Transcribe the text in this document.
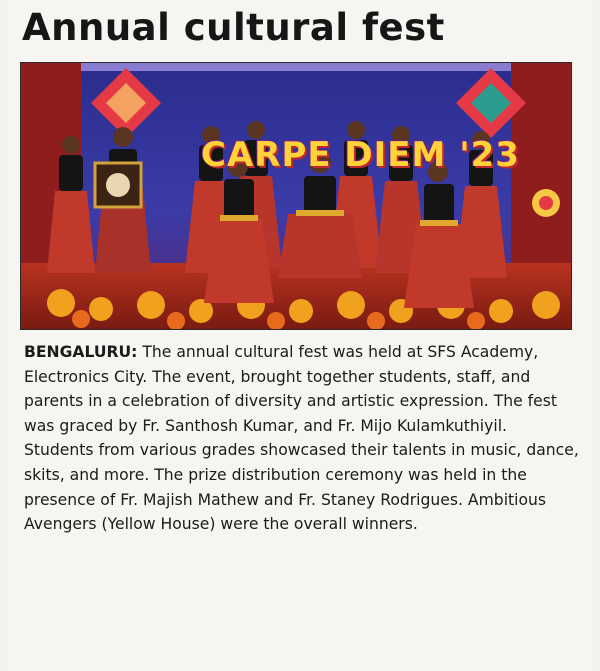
Annual cultural fest
CARPE DIEM '23

BENGALURU: The annual cultural fest was held at SFS Academy, Electronics City. The event, brought together students, staff, and parents in a celebration of diversity and artistic expression. The fest was graced by Fr. Santhosh Kumar, and Fr. Mijo Kulamkuthiyil. Students from various grades showcased their talents in music, dance, skits, and more. The prize distribution ceremony was held in the presence of Fr. Majish Mathew and Fr. Staney Rodrigues. Ambitious Avengers (Yellow House) were the overall winners.
